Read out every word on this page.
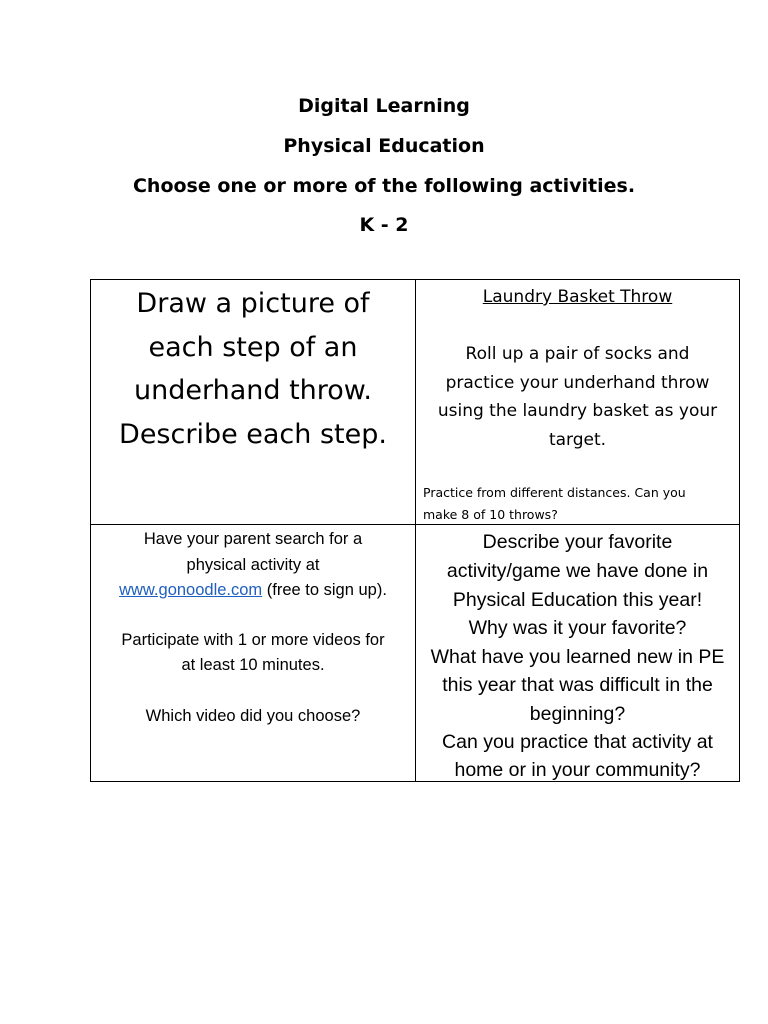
Digital Learning
Physical Education
Choose one or more of the following activities.
K - 2
Draw a picture of
each step of an
underhand throw.
Describe each step.
Laundry Basket Throw
Roll up a pair of socks and
practice your underhand throw
using the laundry basket as your
target.
Practice from different distances. Can you
make 8 of 10 throws?
Have your parent search for a
physical activity at
www.gonoodle.com (free to sign up).
Participate with 1 or more videos for
at least 10 minutes.
Which video did you choose?
Describe your favorite
activity/game we have done in
Physical Education this year!
Why was it your favorite?
What have you learned new in PE
this year that was difficult in the
beginning?
Can you practice that activity at
home or in your community?
